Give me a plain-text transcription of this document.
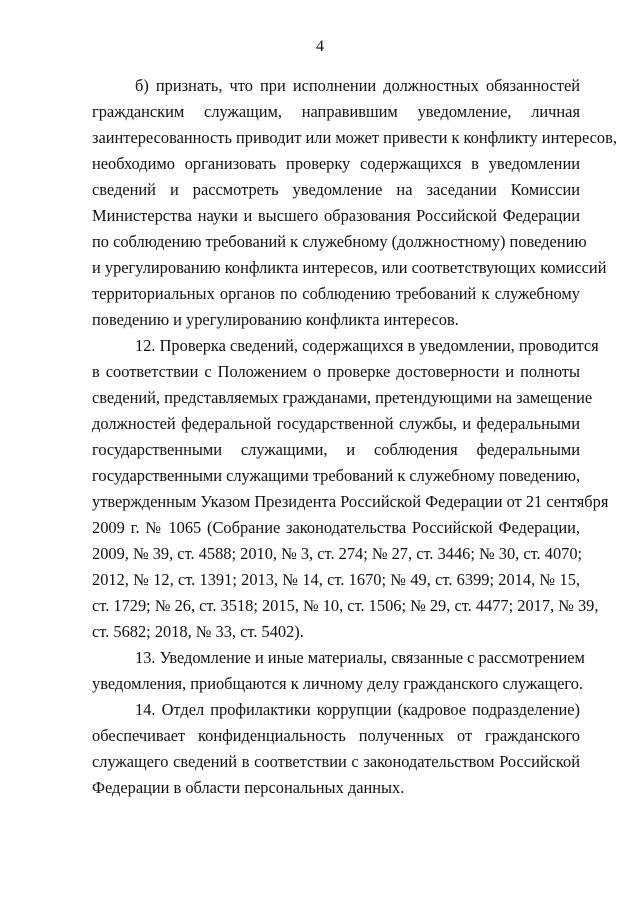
4
б) признать, что при исполнении должностных обязанностей
гражданским служащим, направившим уведомление, личная
заинтересованность приводит или может привести к конфликту интересов,
необходимо организовать проверку содержащихся в уведомлении
сведений и рассмотреть уведомление на заседании Комиссии
Министерства науки и высшего образования Российской Федерации
по соблюдению требований к служебному (должностному) поведению
и урегулированию конфликта интересов, или соответствующих комиссий
территориальных органов по соблюдению требований к служебному
поведению и урегулированию конфликта интересов.
12. Проверка сведений, содержащихся в уведомлении, проводится
в соответствии с Положением о проверке достоверности и полноты
сведений, представляемых гражданами, претендующими на замещение
должностей федеральной государственной службы, и федеральными
государственными служащими, и соблюдения федеральными
государственными служащими требований к служебному поведению,
утвержденным Указом Президента Российской Федерации от 21 сентября
2009 г. № 1065 (Собрание законодательства Российской Федерации,
2009, № 39, ст. 4588; 2010, № 3, ст. 274; № 27, ст. 3446; № 30, ст. 4070;
2012, № 12, ст. 1391; 2013, № 14, ст. 1670; № 49, ст. 6399; 2014, № 15,
ст. 1729; № 26, ст. 3518; 2015, № 10, ст. 1506; № 29, ст. 4477; 2017, № 39,
ст. 5682; 2018, № 33, ст. 5402).
13. Уведомление и иные материалы, связанные с рассмотрением
уведомления, приобщаются к личному делу гражданского служащего.
14. Отдел профилактики коррупции (кадровое подразделение)
обеспечивает конфиденциальность полученных от гражданского
служащего сведений в соответствии с законодательством Российской
Федерации в области персональных данных.
